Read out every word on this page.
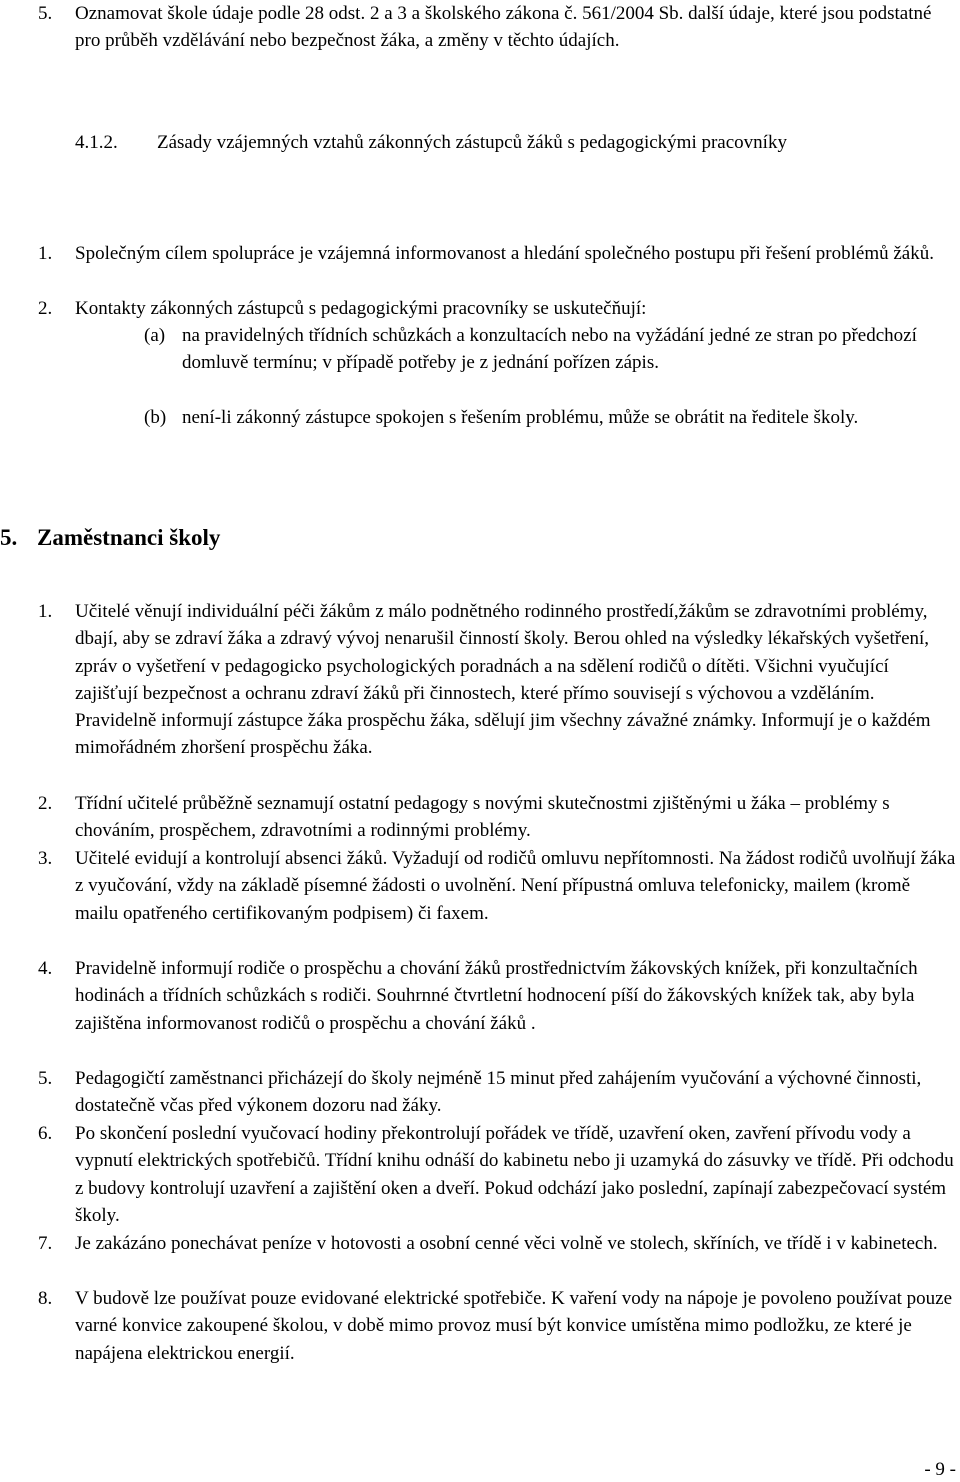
5. Oznamovat škole údaje podle 28 odst. 2 a 3 a školského zákona č. 561/2004 Sb. další údaje, které jsou podstatné pro průběh vzdělávání nebo bezpečnost žáka, a změny v těchto údajích.
4.1.2. Zásady vzájemných vztahů zákonných zástupců žáků s pedagogickými pracovníky
1. Společným cílem spolupráce je vzájemná informovanost a hledání společného postupu při řešení problémů žáků.
2. Kontakty zákonných zástupců s pedagogickými pracovníky se uskutečňují:
(a) na pravidelných třídních schůzkách a konzultacích nebo na vyžádání jedné ze stran po předchozí domluvě termínu; v případě potřeby je z jednání pořízen zápis.
(b) není-li zákonný zástupce spokojen s řešením problému, může se obrátit na ředitele školy.
5. Zaměstnanci školy
1. Učitelé věnují individuální péči žákům z málo podnětného rodinného prostředí,žákům se zdravotními problémy, dbají, aby se zdraví žáka a zdravý vývoj nenarušil činností školy. Berou ohled na výsledky lékařských vyšetření, zpráv o vyšetření v pedagogicko psychologických poradnách a na sdělení rodičů o dítěti. Všichni vyučující zajišťují bezpečnost a ochranu zdraví žáků při činnostech, které přímo souvisejí s výchovou a vzděláním. Pravidelně informují zástupce žáka prospěchu žáka, sdělují jim všechny závažné známky. Informují je o každém mimořádném zhoršení prospěchu žáka.
2. Třídní učitelé průběžně seznamují ostatní pedagogy s novými skutečnostmi zjištěnými u žáka – problémy s chováním, prospěchem, zdravotními a rodinnými problémy.
3. Učitelé evidují a kontrolují absenci žáků. Vyžadují od rodičů omluvu nepřítomnosti. Na žádost rodičů uvolňují žáka z vyučování, vždy na základě písemné žádosti o uvolnění. Není přípustná omluva telefonicky, mailem (kromě mailu opatřeného certifikovaným podpisem) či faxem.
4. Pravidelně informují rodiče o prospěchu a chování žáků prostřednictvím žákovských knížek, při konzultačních hodinách a třídních schůzkách s rodiči. Souhrnné čtvrtletní hodnocení píší do žákovských knížek tak, aby byla zajištěna informovanost rodičů o prospěchu a chování žáků .
5. Pedagogičtí zaměstnanci přicházejí do školy nejméně 15 minut před zahájením vyučování a výchovné činnosti, dostatečně včas před výkonem dozoru nad žáky.
6. Po skončení poslední vyučovací hodiny překontrolují pořádek ve třídě, uzavření oken, zavření přívodu vody a vypnutí elektrických spotřebičů. Třídní knihu odnáší do kabinetu nebo ji uzamyká do zásuvky ve třídě. Při odchodu z budovy kontrolují uzavření a zajištění oken a dveří. Pokud odchází jako poslední, zapínají zabezpečovací systém školy.
7. Je zakázáno ponechávat peníze v hotovosti a osobní cenné věci volně ve stolech, skříních, ve třídě i v kabinetech.
8. V budově lze používat pouze evidované elektrické spotřebiče. K vaření vody na nápoje je povoleno používat pouze varné konvice zakoupené školou, v době mimo provoz musí být konvice umístěna mimo podložku, ze které je napájena elektrickou energií.
- 9 -
